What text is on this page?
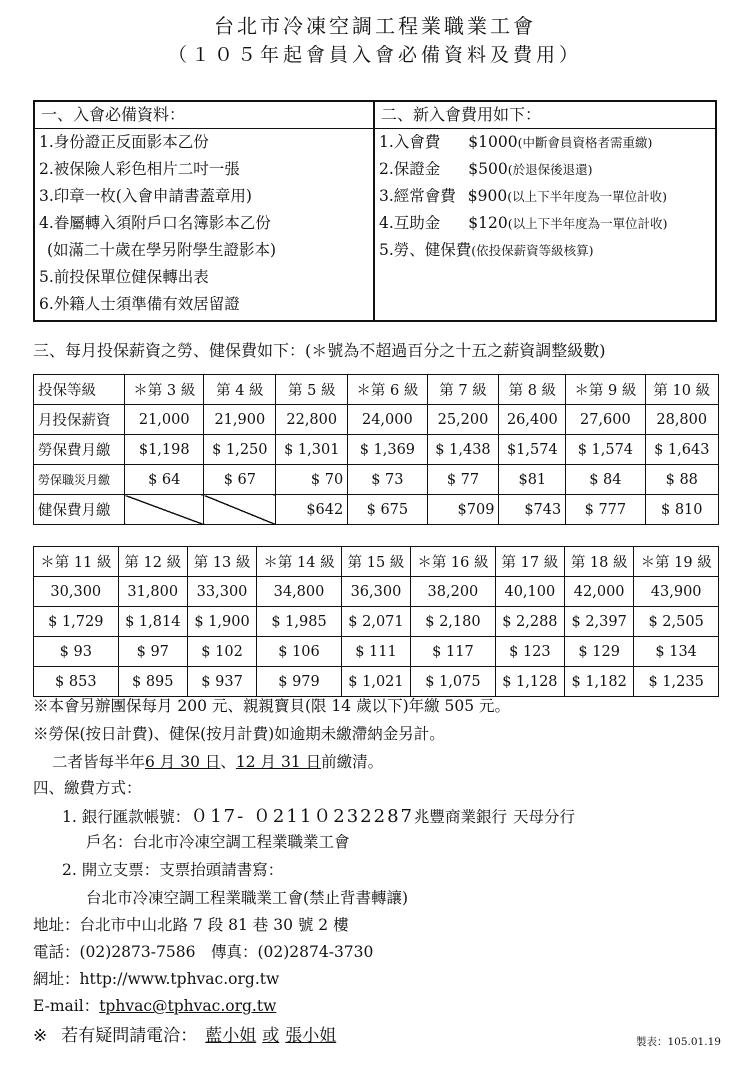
台北市冷凍空調工程業職業工會
（１０５年起會員入會必備資料及費用）
一、入會必備資料：
1.身份證正反面影本乙份
2.被保險人彩色相片二吋一張
3.印章一枚(入會申請書蓋章用)
4.眷屬轉入須附戶口名簿影本乙份
(如滿二十歲在學另附學生證影本)
5.前投保單位健保轉出表
6.外籍人士須準備有效居留證
二、新入會費用如下：
1.入會費 $1000(中斷會員資格者需重繳)
2.保證金 $500(於退保後退還)
3.經常會費 $900(以上下半年度為一單位計收)
4.互助金 $120(以上下半年度為一單位計收)
5.勞、健保費(依投保薪資等級核算)
三、每月投保薪資之勞、健保費如下：(＊號為不超過百分之十五之薪資調整級數)
投保等級	＊第 3 級	第 4 級	第 5 級	＊第 6 級	第 7 級	第 8 級	＊第 9 級	第 10 級
月投保薪資	21,000	21,900	22,800	24,000	25,200	26,400	27,600	28,800
勞保費月繳	$1,198	$ 1,250	$ 1,301	$ 1,369	$ 1,438	$1,574	$ 1,574	$ 1,643
勞保職災月繳	$ 64	$ 67	$ 70	$ 73	$ 77	$81	$ 84	$ 88
健保費月繳			$642	$ 675	$709	$743	$ 777	$ 810
＊第 11 級	第 12 級	第 13 級	＊第 14 級	第 15 級	＊第 16 級	第 17 級	第 18 級	＊第 19 級
30,300	31,800	33,300	34,800	36,300	38,200	40,100	42,000	43,900
$ 1,729	$ 1,814	$ 1,900	$ 1,985	$ 2,071	$ 2,180	$ 2,288	$ 2,397	$ 2,505
$ 93	$ 97	$ 102	$ 106	$ 111	$ 117	$ 123	$ 129	$ 134
$ 853	$ 895	$ 937	$ 979	$ 1,021	$ 1,075	$ 1,128	$ 1,182	$ 1,235
※本會另辦團保每月 200 元、親親寶貝(限 14 歲以下)年繳 505 元。
※勞保(按日計費)、健保(按月計費)如逾期未繳滯納金另計。
二者皆每半年6 月 30 日、12 月 31 日前繳清。
四、繳費方式：
1. 銀行匯款帳號：０17- ０211０232287兆豐商業銀行 天母分行
戶名：台北市冷凍空調工程業職業工會
2. 開立支票：支票抬頭請書寫：
台北市冷凍空調工程業職業工會(禁止背書轉讓)
地址：台北市中山北路 7 段 81 巷 30 號 2 樓
電話：(02)2873-7586　傳真：(02)2874-3730
網址：http://www.tphvac.org.tw
E-mail：tphvac@tphvac.org.tw
※ 若有疑問請電洽： 藍小姐 或 張小姐	製表：105.01.19
